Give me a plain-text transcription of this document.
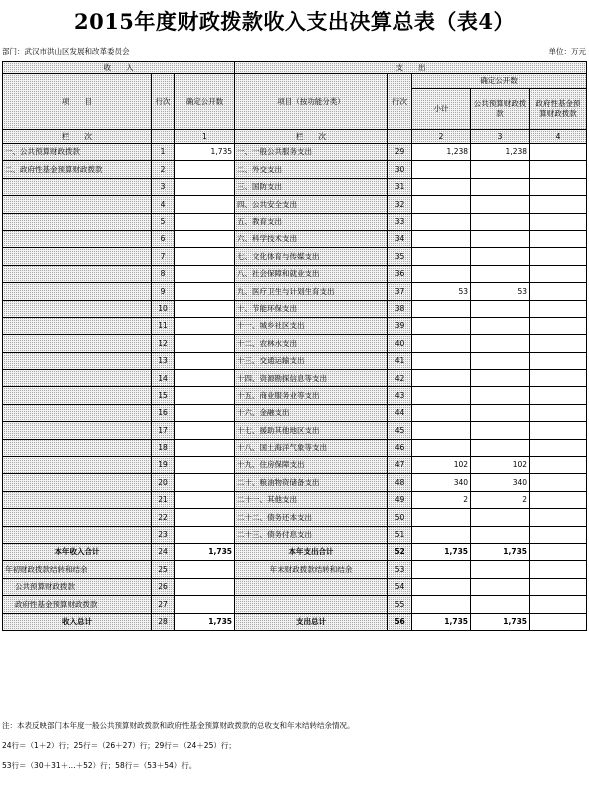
2015年度财政拨款收入支出决算总表（表4）
部门：武汉市洪山区发展和改革委员会	单位：万元
收　　入			支　　出				
项　　目	行次	确定公开数	项目（按功能分类）	行次	确定公开数		
					小计	公共预算财政拨款	政府性基金预算财政拨款
栏　　次		1	栏　　次		2	3	4
一、公共预算财政拨款	1	1,735	一、一般公共服务支出	29	1,238	1,238	
二、政府性基金预算财政拨款	2		二、外交支出	30			
	3		三、国防支出	31			
	4		四、公共安全支出	32			
	5		五、教育支出	33			
	6		六、科学技术支出	34			
	7		七、文化体育与传媒支出	35			
	8		八、社会保障和就业支出	36			
	9		九、医疗卫生与计划生育支出	37	53	53	
	10		十、节能环保支出	38			
	11		十一、城乡社区支出	39			
	12		十二、农林水支出	40			
	13		十三、交通运输支出	41			
	14		十四、资源勘探信息等支出	42			
	15		十五、商业服务业等支出	43			
	16		十六、金融支出	44			
	17		十七、援助其他地区支出	45			
	18		十八、国土海洋气象等支出	46			
	19		十九、住房保障支出	47	102	102	
	20		二十、粮油物资储备支出	48	340	340	
	21		二十一、其他支出	49	2	2	
	22		二十二、债务还本支出	50			
	23		二十三、债务付息支出	51			
本年收入合计	24	1,735	本年支出合计	52	1,735	1,735	
年初财政拨款结转和结余	25		年末财政拨款结转和结余	53			
公共预算财政拨款	26			54			
政府性基金预算财政拨款	27			55			
收入总计	28	1,735	支出总计	56	1,735	1,735	
注：本表反映部门本年度一般公共预算财政拨款和政府性基金预算财政拨款的总收支和年末结转结余情况。
24行＝（1＋2）行；25行＝（26＋27）行；29行＝（24＋25）行；
53行＝（30＋31＋…＋52）行；58行＝（53＋54）行。
